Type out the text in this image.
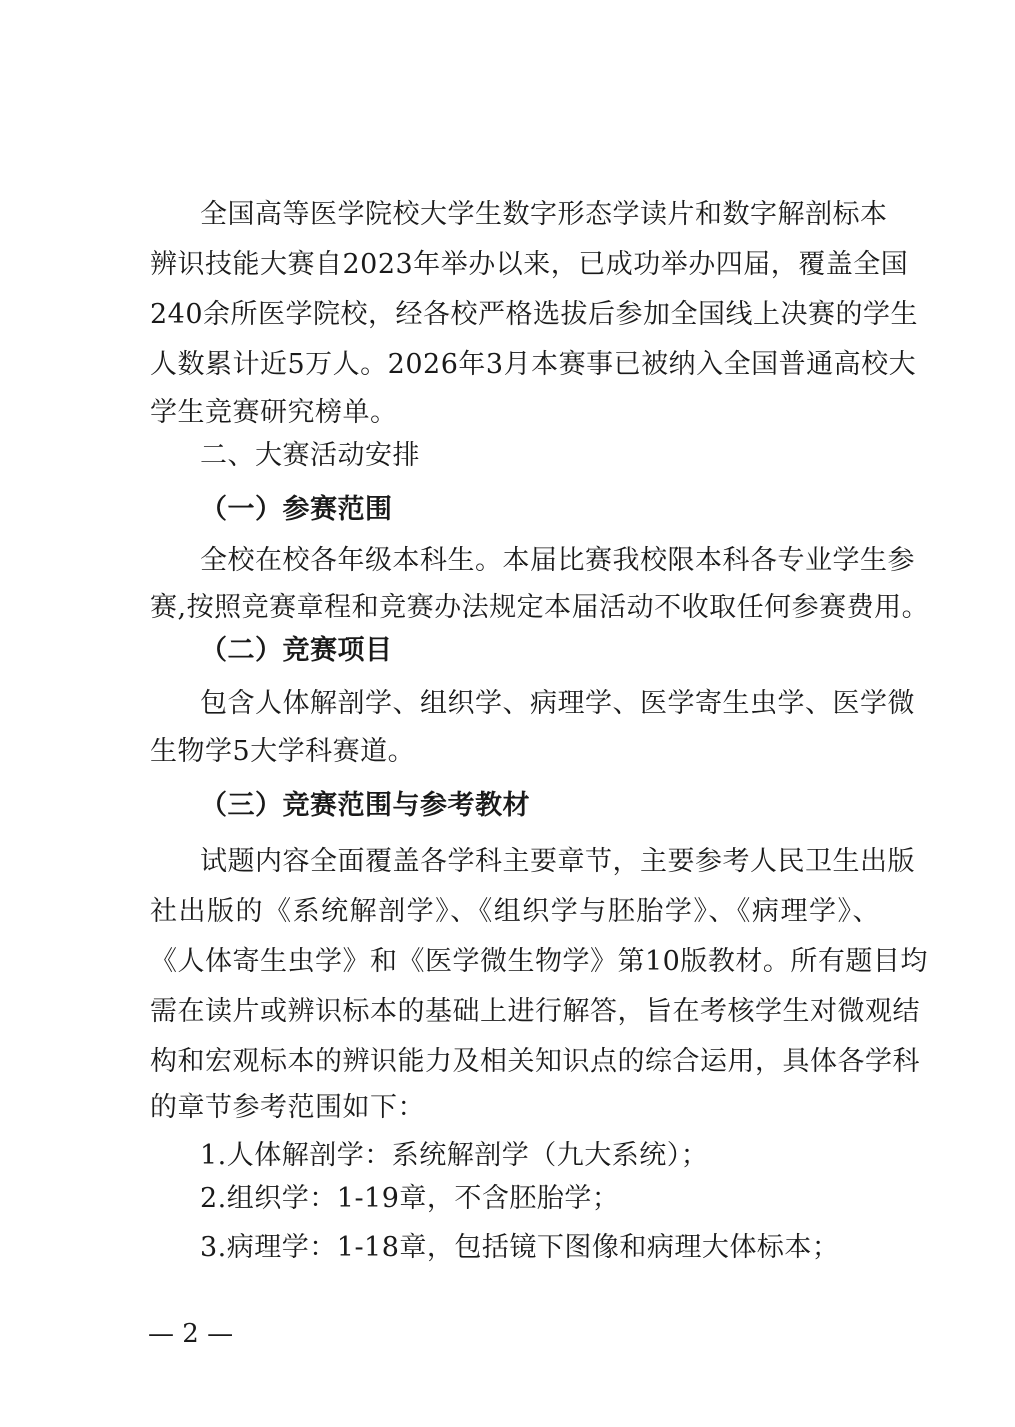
全国高等医学院校大学生数字形态学读片和数字解剖标本
辨识技能大赛自2023年举办以来，已成功举办四届，覆盖全国
240余所医学院校，经各校严格选拔后参加全国线上决赛的学生
人数累计近5万人。2026年3月本赛事已被纳入全国普通高校大
学生竞赛研究榜单。
二、大赛活动安排
（一）参赛范围
全校在校各年级本科生。本届比赛我校限本科各专业学生参
赛,按照竞赛章程和竞赛办法规定本届活动不收取任何参赛费用。
（二）竞赛项目
包含人体解剖学、组织学、病理学、医学寄生虫学、医学微
生物学5大学科赛道。
（三）竞赛范围与参考教材
试题内容全面覆盖各学科主要章节，主要参考人民卫生出版
社出版的《系统解剖学》、《组织学与胚胎学》、《病理学》、
《人体寄生虫学》和《医学微生物学》第10版教材。所有题目均
需在读片或辨识标本的基础上进行解答，旨在考核学生对微观结
构和宏观标本的辨识能力及相关知识点的综合运用，具体各学科
的章节参考范围如下：
1.人体解剖学：系统解剖学（九大系统）；
2.组织学：1-19章，不含胚胎学；
3.病理学：1-18章，包括镜下图像和病理大体标本；
— 2 —
